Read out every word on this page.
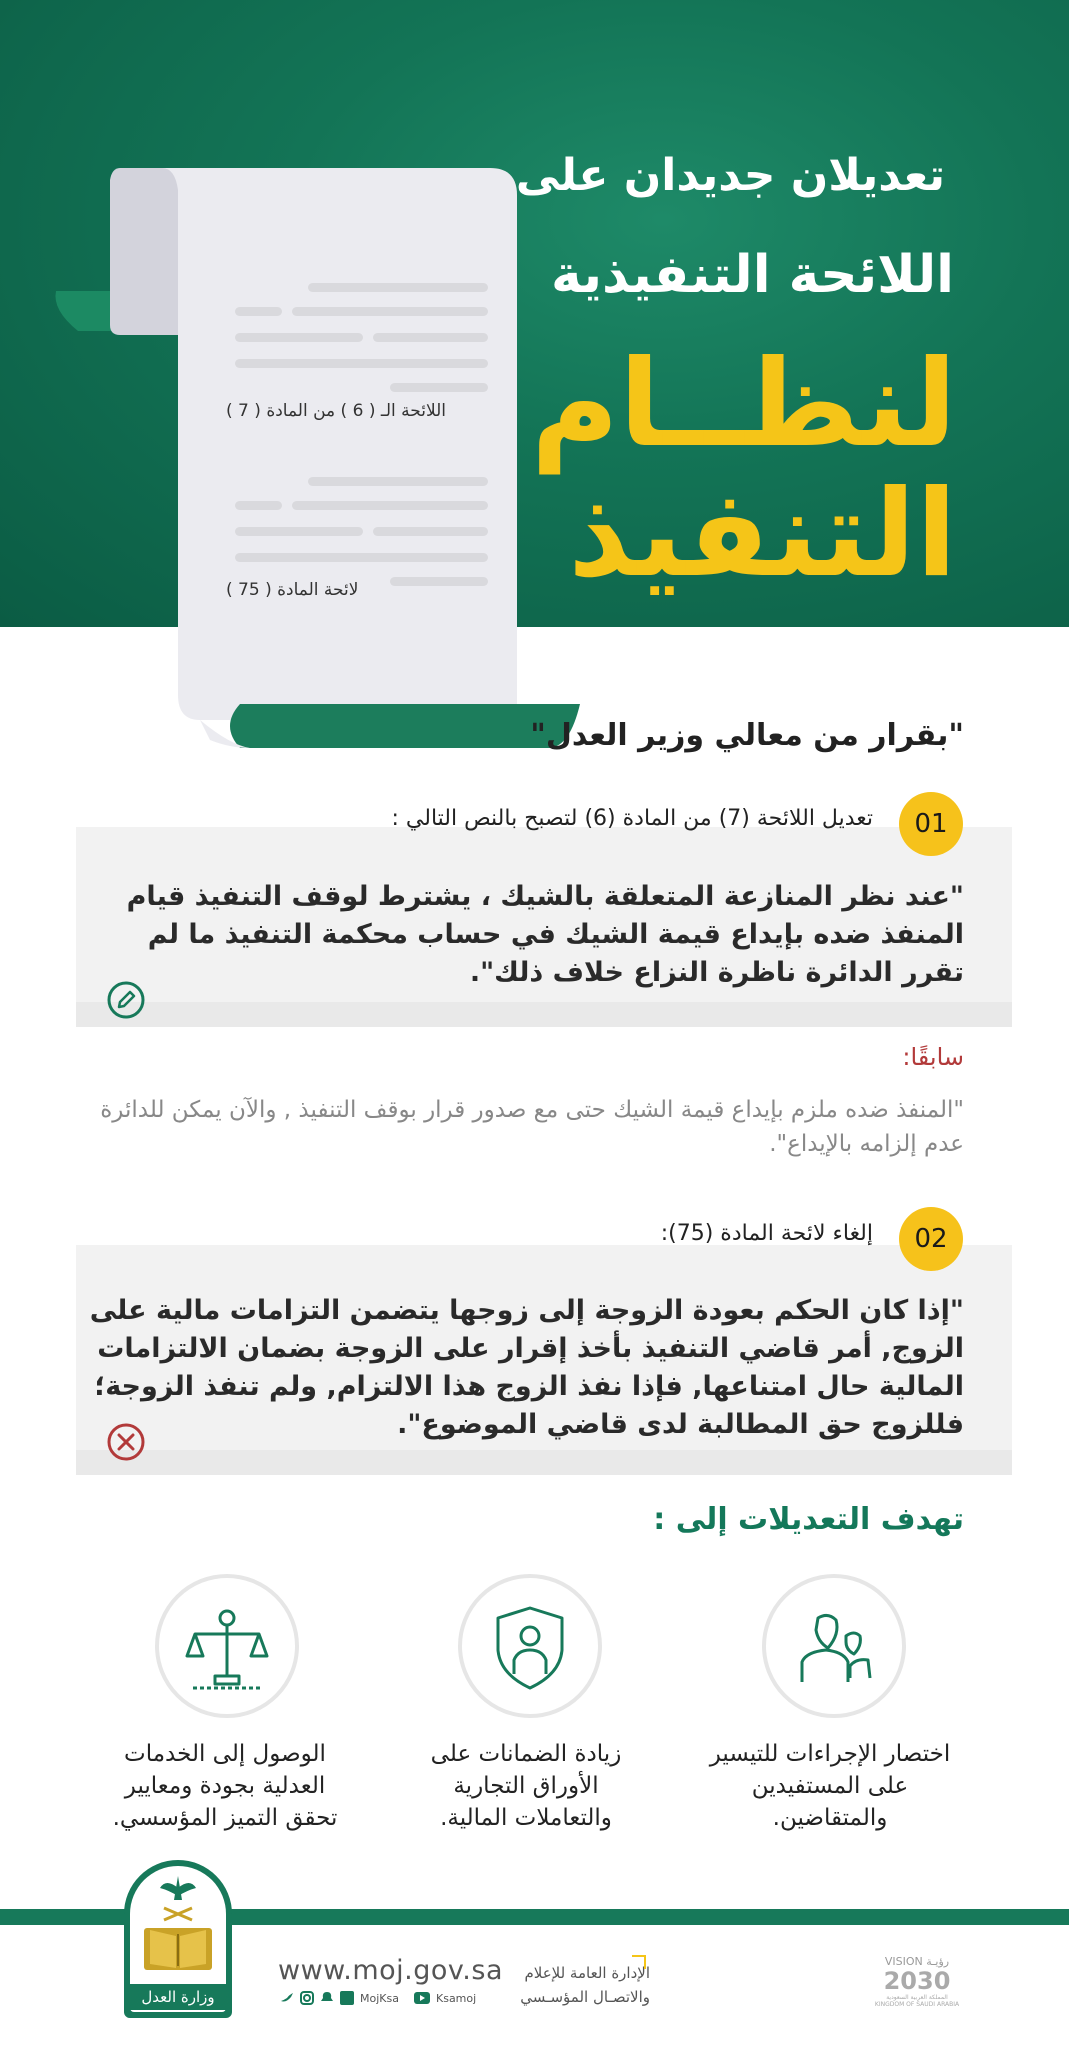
تعديلان جديدان على
اللائحة التنفيذية
لنظــام
التنفيذ
اللائحة الـ ( 6 ) من المادة ( 7 )
لائحة المادة ( 75 )
"بقرار من معالي وزير العدل"
01
تعديل اللائحة (7) من المادة (6) لتصبح بالنص التالي :
"عند نظر المنازعة المتعلقة بالشيك ، يشترط لوقف التنفيذ قيام المنفذ ضده بإيداع قيمة الشيك في حساب محكمة التنفيذ ما لم تقرر الدائرة ناظرة النزاع خلاف ذلك".
سابقًا:
"المنفذ ضده ملزم بإيداع قيمة الشيك حتى مع صدور قرار بوقف التنفيذ , والآن يمكن للدائرة عدم إلزامه بالإيداع".
02
إلغاء لائحة المادة (75):
"إذا كان الحكم بعودة الزوجة إلى زوجها يتضمن التزامات مالية على الزوج, أمر قاضي التنفيذ بأخذ إقرار على الزوجة بضمان الالتزامات المالية حال امتناعها, فإذا نفذ الزوج هذا الالتزام, ولم تنفذ الزوجة؛ فللزوج حق المطالبة لدى قاضي الموضوع".
تهدف التعديلات إلى :
اختصار الإجراءات للتيسير على المستفيدين والمتقاضين.
زيادة الضمانات على الأوراق التجارية والتعاملات المالية.
الوصول إلى الخدمات العدلية بجودة ومعايير تحقق التميز المؤسسي.
وزارة العدل
www.moj.gov.sa
MojKsa	Ksamoj
الإدارة العامة للإعلام والاتصـال المؤسـسي
VISION رؤيـة
2030
المملكة العربية السعودية KINGDOM OF SAUDI ARABIA
